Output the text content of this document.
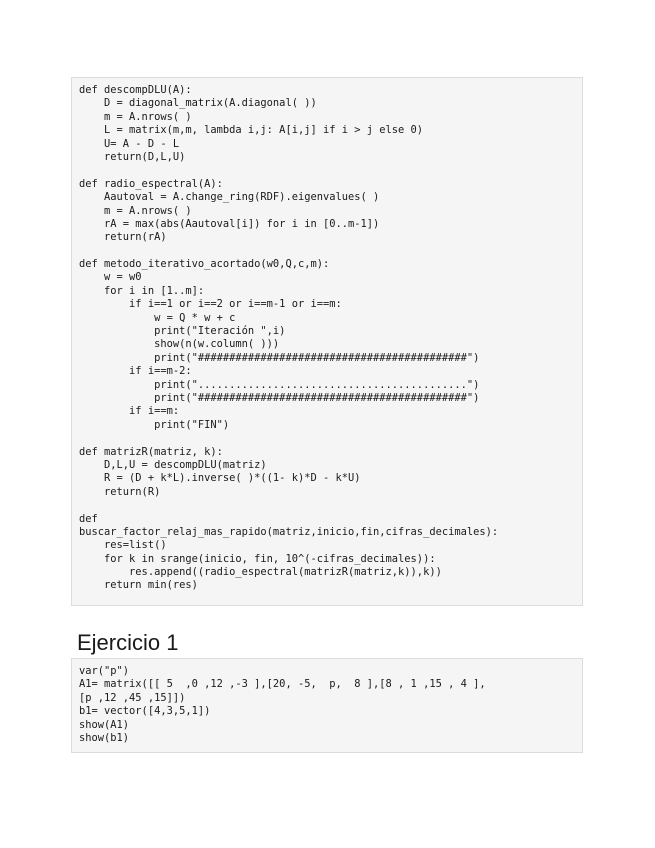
def descompDLU(A):
D = diagonal_matrix(A.diagonal( ))
m = A.nrows( )
L = matrix(m,m, lambda i,j: A[i,j] if i > j else 0)
U= A - D - L
return(D,L,U)
def radio_espectral(A):
Aautoval = A.change_ring(RDF).eigenvalues( )
m = A.nrows( )
rA = max(abs(Aautoval[i]) for i in [0..m-1])
return(rA)
def metodo_iterativo_acortado(w0,Q,c,m):
w = w0
for i in [1..m]:
if i==1 or i==2 or i==m-1 or i==m:
w = Q * w + c
print("Iteración ",i)
show(n(w.column( )))
print("###########################################")
if i==m-2:
print("...........................................")
print("###########################################")
if i==m:
print("FIN")
def matrizR(matriz, k):
D,L,U = descompDLU(matriz)
R = (D + k*L).inverse( )*((1- k)*D - k*U)
return(R)
def
buscar_factor_relaj_mas_rapido(matriz,inicio,fin,cifras_decimales):
res=list()
for k in srange(inicio, fin, 10^(-cifras_decimales)):
res.append((radio_espectral(matrizR(matriz,k)),k))
return min(res)
Ejercicio 1
var("p")
A1= matrix([[ 5  ,0 ,12 ,-3 ],[20, -5,  p,  8 ],[8 , 1 ,15 , 4 ],
[p ,12 ,45 ,15]])
b1= vector([4,3,5,1])
show(A1)
show(b1)
